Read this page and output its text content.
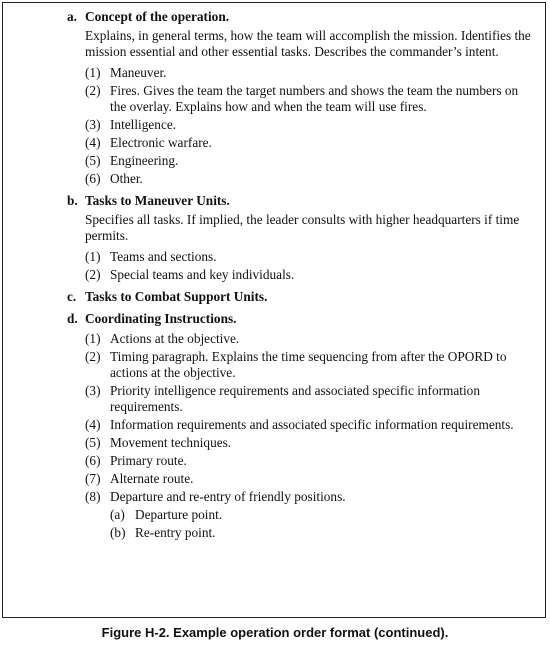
a. Concept of the operation.
Explains, in general terms, how the team will accomplish the mission. Identifies the mission essential and other essential tasks. Describes the commander’s intent.
(1) Maneuver.
(2) Fires. Gives the team the target numbers and shows the team the numbers on the overlay. Explains how and when the team will use fires.
(3) Intelligence.
(4) Electronic warfare.
(5) Engineering.
(6) Other.
b. Tasks to Maneuver Units.
Specifies all tasks. If implied, the leader consults with higher headquarters if time permits.
(1) Teams and sections.
(2) Special teams and key individuals.
c. Tasks to Combat Support Units.
d. Coordinating Instructions.
(1) Actions at the objective.
(2) Timing paragraph. Explains the time sequencing from after the OPORD to actions at the objective.
(3) Priority intelligence requirements and associated specific information requirements.
(4) Information requirements and associated specific information requirements.
(5) Movement techniques.
(6) Primary route.
(7) Alternate route.
(8) Departure and re-entry of friendly positions.
(a) Departure point.
(b) Re-entry point.
Figure H-2. Example operation order format (continued).
